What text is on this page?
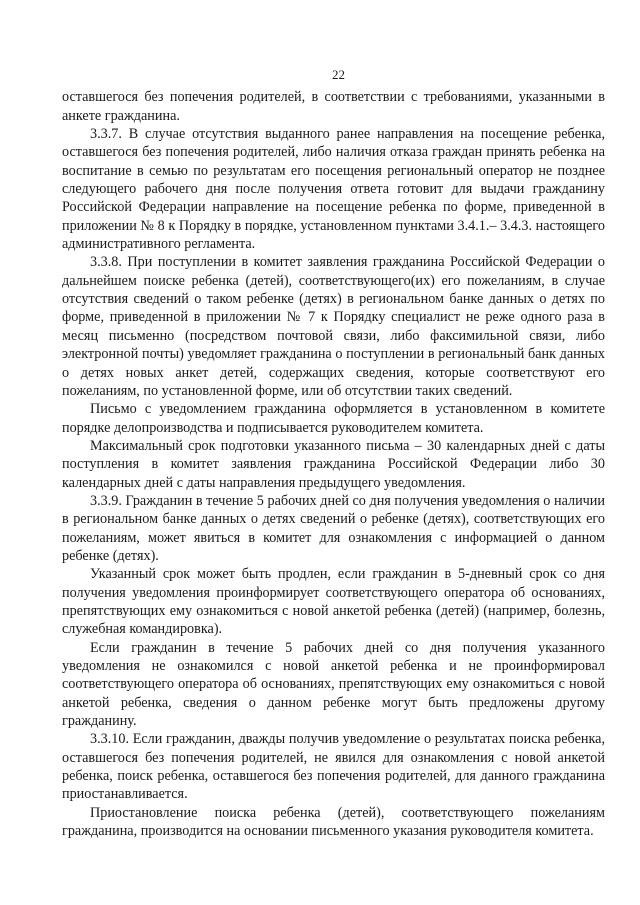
22

оставшегося без попечения родителей, в соответствии с требованиями, указанными в анкете гражданина.

3.3.7. В случае отсутствия выданного ранее направления на посещение ребенка, оставшегося без попечения родителей, либо наличия отказа граждан принять ребенка на воспитание в семью по результатам его посещения региональный оператор не позднее следующего рабочего дня после получения ответа готовит для выдачи гражданину Российской Федерации направление на посещение ребенка по форме, приведенной в приложении № 8 к Порядку в порядке, установленном пунктами 3.4.1.– 3.4.3. настоящего административного регламента.

3.3.8. При поступлении в комитет заявления гражданина Российской Федерации о дальнейшем поиске ребенка (детей), соответствующего(их) его пожеланиям, в случае отсутствия сведений о таком ребенке (детях) в региональном банке данных о детях по форме, приведенной в приложении № 7 к Порядку специалист не реже одного раза в месяц письменно (посредством почтовой связи, либо факсимильной связи, либо электронной почты) уведомляет гражданина о поступлении в региональный банк данных о детях новых анкет детей, содержащих сведения, которые соответствуют его пожеланиям, по установленной форме, или об отсутствии таких сведений.

Письмо с уведомлением гражданина оформляется в установленном в комитете порядке делопроизводства и подписывается руководителем комитета.

Максимальный срок подготовки указанного письма – 30 календарных дней с даты поступления в комитет заявления гражданина Российской Федерации либо 30 календарных дней с даты направления предыдущего уведомления.

3.3.9. Гражданин в течение 5 рабочих дней со дня получения уведомления о наличии в региональном банке данных о детях сведений о ребенке (детях), соответствующих его пожеланиям, может явиться в комитет для ознакомления с информацией о данном ребенке (детях).

Указанный срок может быть продлен, если гражданин в 5-дневный срок со дня получения уведомления проинформирует соответствующего оператора об основаниях, препятствующих ему ознакомиться с новой анкетой ребенка (детей) (например, болезнь, служебная командировка).

Если гражданин в течение 5 рабочих дней со дня получения указанного уведомления не ознакомился с новой анкетой ребенка и не проинформировал соответствующего оператора об основаниях, препятствующих ему ознакомиться с новой анкетой ребенка, сведения о данном ребенке могут быть предложены другому гражданину.

3.3.10. Если гражданин, дважды получив уведомление о результатах поиска ребенка, оставшегося без попечения родителей, не явился для ознакомления с новой анкетой ребенка, поиск ребенка, оставшегося без попечения родителей, для данного гражданина приостанавливается.

Приостановление поиска ребенка (детей), соответствующего пожеланиям гражданина, производится на основании письменного указания руководителя комитета.
